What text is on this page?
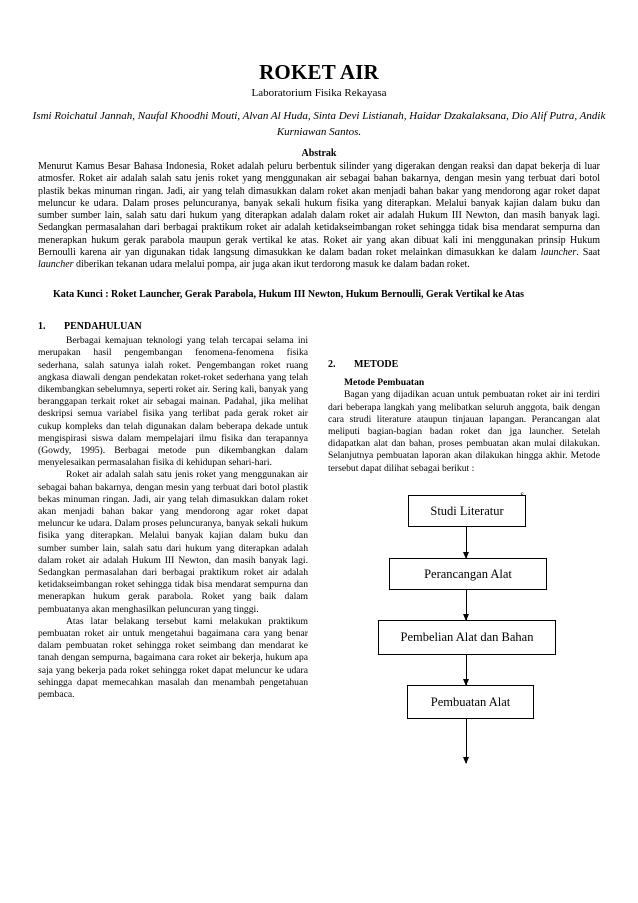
ROKET AIR
Laboratorium Fisika Rekayasa
Ismi Roichatul Jannah, Naufal Khoodhi Mouti, Alvan Al Huda, Sinta Devi Listianah, Haidar Dzakalaksana, Dio Alif Putra, Andik Kurniawan Santos.
Abstrak

Menurut Kamus Besar Bahasa Indonesia, Roket adalah peluru berbentuk silinder yang digerakan dengan reaksi dan dapat bekerja di luar atmosfer. Roket air adalah salah satu jenis roket yang menggunakan air sebagai bahan bakarnya, dengan mesin yang terbuat dari botol plastik bekas minuman ringan. Jadi, air yang telah dimasukkan dalam roket akan menjadi bahan bakar yang mendorong agar roket dapat meluncur ke udara. Dalam proses peluncuranya, banyak sekali hukum fisika yang diterapkan. Melalui banyak kajian dalam buku dan sumber sumber lain, salah satu dari hukum yang diterapkan adalah dalam roket air adalah Hukum III Newton, dan masih banyak lagi. Sedangkan permasalahan dari berbagai praktikum roket air adalah ketidakseimbangan roket sehingga tidak bisa mendarat sempurna dan menerapkan hukum gerak parabola maupun gerak vertikal ke atas. Roket air yang akan dibuat kali ini menggunakan prinsip Hukum Bernoulli karena air yan digunakan tidak langsung dimasukkan ke dalam badan roket melainkan dimasukkan ke dalam launcher. Saat launcher diberikan tekanan udara melalui pompa, air juga akan ikut terdorong masuk ke dalam badan roket.

Kata Kunci : Roket Launcher, Gerak Parabola, Hukum III Newton, Hukum Bernoulli, Gerak Vertikal ke Atas

1. PENDAHULUAN

Berbagai kemajuan teknologi yang telah tercapai selama ini merupakan hasil pengembangan fenomena-fenomena fisika sederhana, salah satunya ialah roket. Pengembangan roket ruang angkasa diawali dengan pendekatan roket-roket sederhana yang telah dikembangkan sebelumnya, seperti roket air. Sering kali, banyak yang beranggapan terkait roket air sebagai mainan. Padahal, jika melihat deskripsi semua variabel fisika yang terlibat pada gerak roket air cukup kompleks dan telah digunakan dalam beberapa dekade untuk mengispirasi siswa dalam mempelajari ilmu fisika dan terapannya (Gowdy, 1995). Berbagai metode pun dikembangkan dalam menyelesaikan permasalahan fisika di kehidupan sehari-hari.

Roket air adalah salah satu jenis roket yang menggunakan air sebagai bahan bakarnya, dengan mesin yang terbuat dari botol plastik bekas minuman ringan. Jadi, air yang telah dimasukkan dalam roket akan menjadi bahan bakar yang mendorong agar roket dapat meluncur ke udara. Dalam proses peluncuranya, banyak sekali hukum fisika yang diterapkan. Melalui banyak kajian dalam buku dan sumber sumber lain, salah satu dari hukum yang diterapkan adalah dalam roket air adalah Hukum III Newton, dan masih banyak lagi. Sedangkan permasalahan dari berbagai praktikum roket air adalah ketidakseimbangan roket sehingga tidak bisa mendarat sempurna dan menerapkan hukum gerak parabola. Roket yang baik dalam pembuatanya akan menghasilkan peluncuran yang tinggi.

Atas latar belakang tersebut kami melakukan praktikum pembuatan roket air untuk mengetahui bagaimana cara yang benar dalam pembuatan roket sehingga roket seimbang dan mendarat ke tanah dengan sempurna, bagaimana cara roket air bekerja, hukum apa saja yang bekerja pada roket sehingga roket dapat meluncur ke udara sehingga dapat memecahkan masalah dan menambah pengetahuan pembaca.

2. METODE

Metode Pembuatan

Bagan yang dijadikan acuan untuk pembuatan roket air ini terdiri dari beberapa langkah yang melibatkan seluruh anggota, baik dengan cara strudi literature ataupun tinjauan lapangan. Perancangan alat meliputi bagian-bagian badan roket dan jga launcher. Setelah didapatkan alat dan bahan, proses pembuatan akan mulai dilakukan. Selanjutnya pembuatan laporan akan dilakukan hingga akhir. Metode tersebut dapat dilihat sebagai berikut :

Studi Literatur
Perancangan Alat
Pembelian Alat dan Bahan
Pembuatan Alat
